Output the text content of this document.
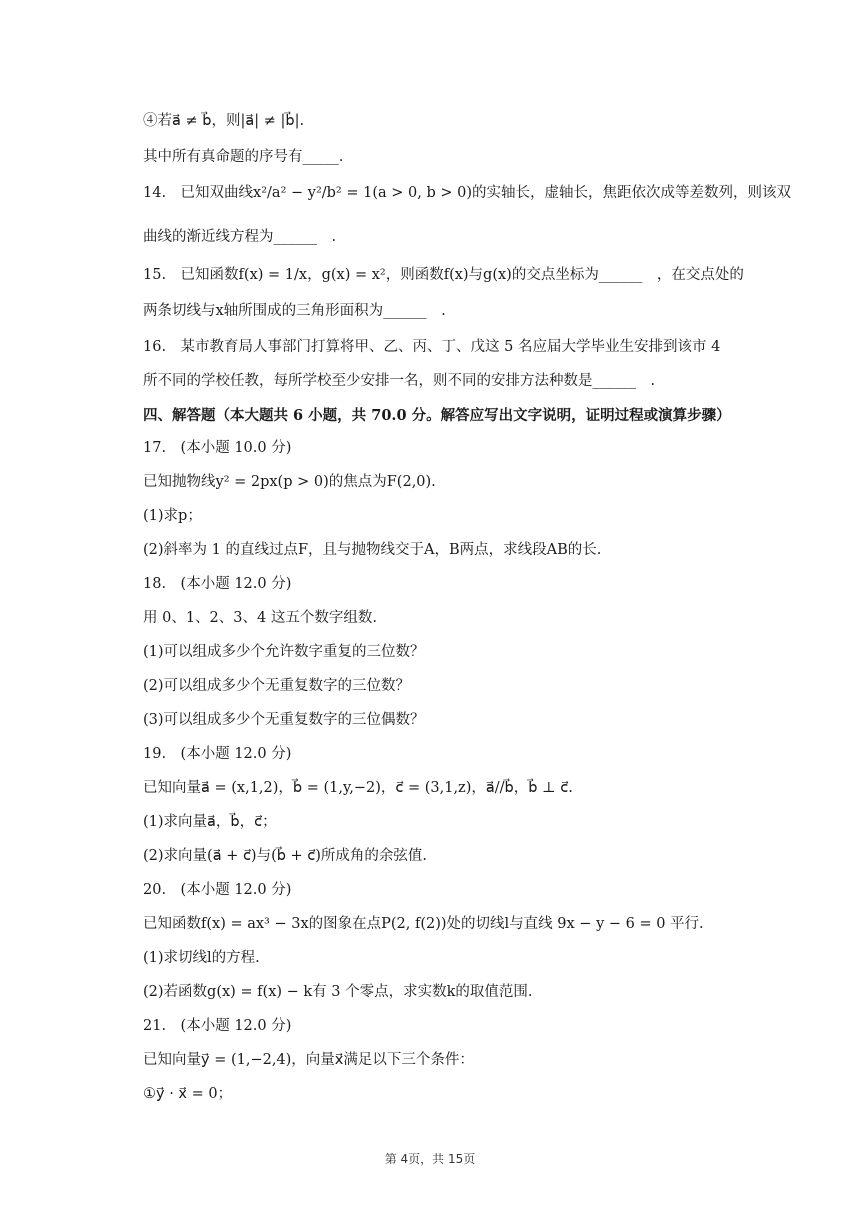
④若a⃗ ≠ b⃗，则|a⃗| ≠ |b⃗|.
其中所有真命题的序号有_____.
14.　已知双曲线x²/a² − y²/b² = 1(a > 0, b > 0)的实轴长，虚轴长，焦距依次成等差数列，则该双
曲线的渐近线方程为______　.
15.　已知函数f(x) = 1/x，g(x) = x²，则函数f(x)与g(x)的交点坐标为______　，在交点处的
两条切线与x轴所围成的三角形面积为______　.
16.　某市教育局人事部门打算将甲、乙、丙、丁、戊这 5 名应届大学毕业生安排到该市 4
所不同的学校任教，每所学校至少安排一名，则不同的安排方法种数是______　.
四、解答题（本大题共 6 小题，共 70.0 分。解答应写出文字说明，证明过程或演算步骤）
17.　(本小题 10.0 分)
已知抛物线y² = 2px(p > 0)的焦点为F(2,0).
(1)求p；
(2)斜率为 1 的直线过点F，且与抛物线交于A，B两点，求线段AB的长.
18.　(本小题 12.0 分)
用 0、1、2、3、4 这五个数字组数.
(1)可以组成多少个允许数字重复的三位数？
(2)可以组成多少个无重复数字的三位数？
(3)可以组成多少个无重复数字的三位偶数？
19.　(本小题 12.0 分)
已知向量a⃗ = (x,1,2)，b⃗ = (1,y,−2)，c⃗ = (3,1,z)，a⃗//b⃗，b⃗ ⊥ c⃗.
(1)求向量a⃗，b⃗，c⃗；
(2)求向量(a⃗ + c⃗)与(b⃗ + c⃗)所成角的余弦值.
20.　(本小题 12.0 分)
已知函数f(x) = ax³ − 3x的图象在点P(2, f(2))处的切线l与直线 9x − y − 6 = 0 平行.
(1)求切线l的方程.
(2)若函数g(x) = f(x) − k有 3 个零点，求实数k的取值范围.
21.　(本小题 12.0 分)
已知向量y⃗ = (1,−2,4)，向量x⃗满足以下三个条件：
①y⃗ · x⃗ = 0；
第 4页，共 15页
